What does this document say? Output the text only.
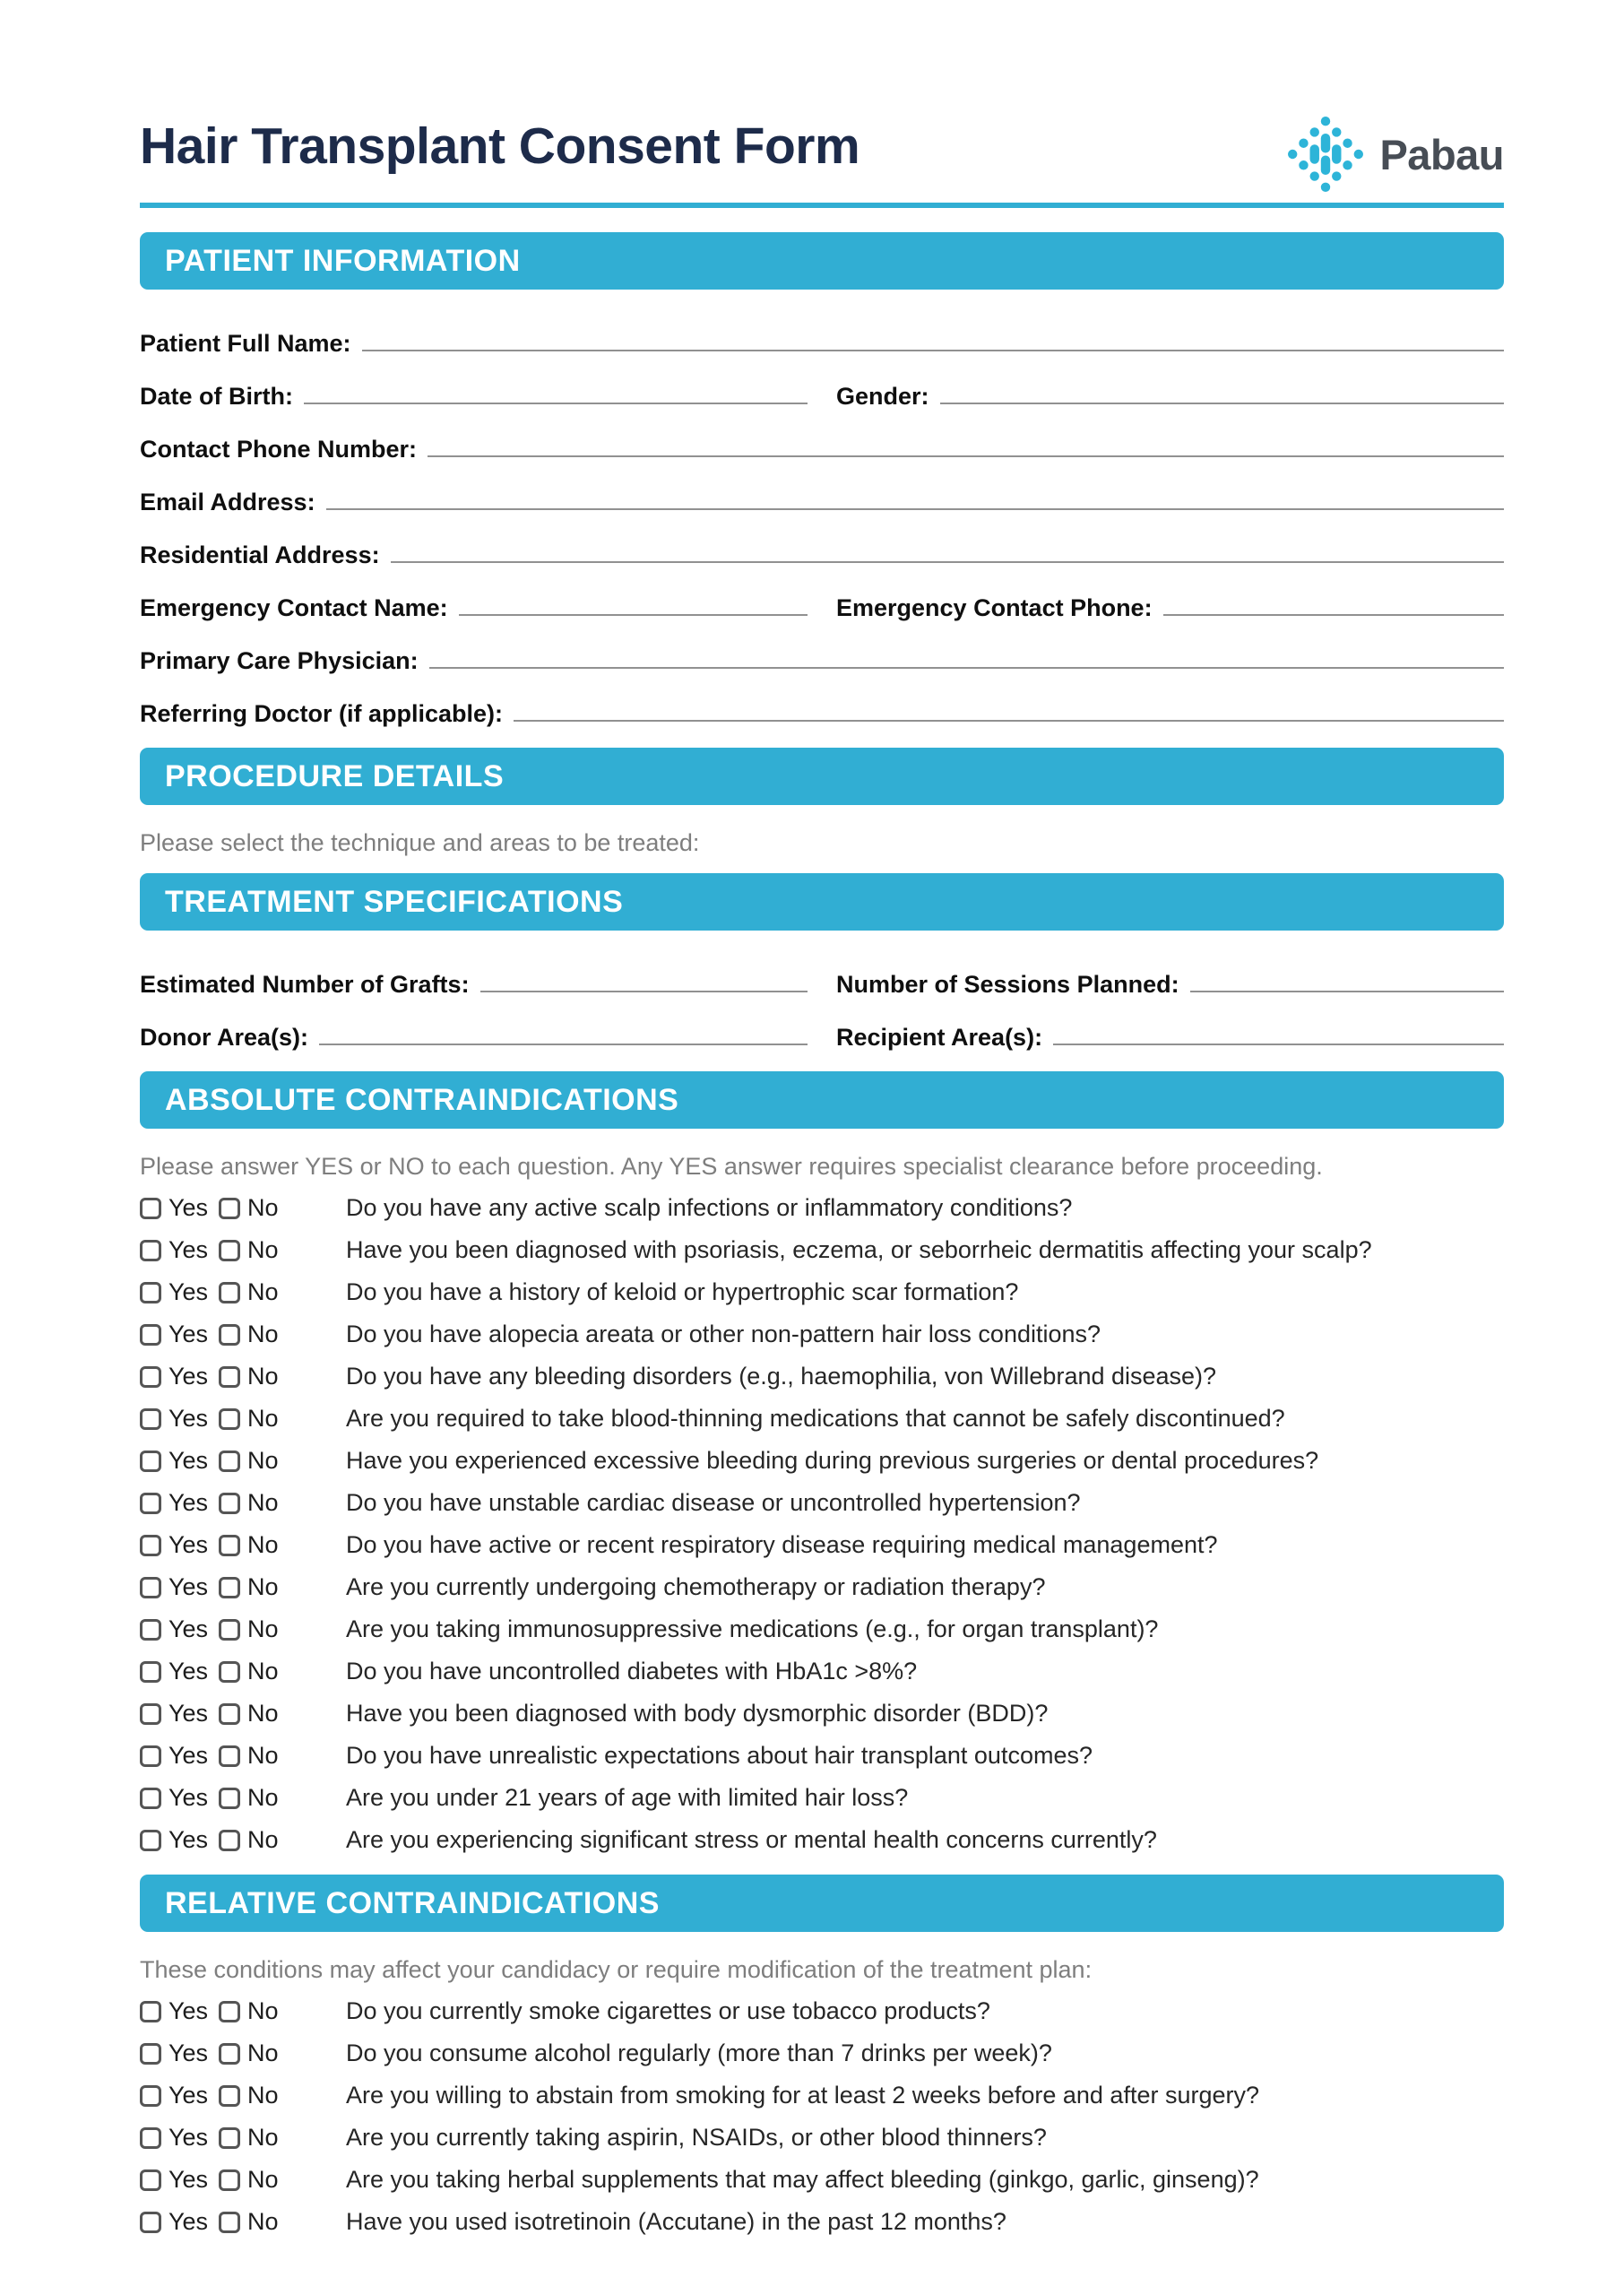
Hair Transplant Consent Form	Pabau
PATIENT INFORMATION
Patient Full Name:
Date of Birth:	Gender:
Contact Phone Number:
Email Address:
Residential Address:
Emergency Contact Name:	Emergency Contact Phone:
Primary Care Physician:
Referring Doctor (if applicable):
PROCEDURE DETAILS
Please select the technique and areas to be treated:
TREATMENT SPECIFICATIONS
Estimated Number of Grafts:	Number of Sessions Planned:
Donor Area(s):	Recipient Area(s):
ABSOLUTE CONTRAINDICATIONS
Please answer YES or NO to each question. Any YES answer requires specialist clearance before proceeding.
Yes No	Do you have any active scalp infections or inflammatory conditions?
Yes No	Have you been diagnosed with psoriasis, eczema, or seborrheic dermatitis affecting your scalp?
Yes No	Do you have a history of keloid or hypertrophic scar formation?
Yes No	Do you have alopecia areata or other non-pattern hair loss conditions?
Yes No	Do you have any bleeding disorders (e.g., haemophilia, von Willebrand disease)?
Yes No	Are you required to take blood-thinning medications that cannot be safely discontinued?
Yes No	Have you experienced excessive bleeding during previous surgeries or dental procedures?
Yes No	Do you have unstable cardiac disease or uncontrolled hypertension?
Yes No	Do you have active or recent respiratory disease requiring medical management?
Yes No	Are you currently undergoing chemotherapy or radiation therapy?
Yes No	Are you taking immunosuppressive medications (e.g., for organ transplant)?
Yes No	Do you have uncontrolled diabetes with HbA1c >8%?
Yes No	Have you been diagnosed with body dysmorphic disorder (BDD)?
Yes No	Do you have unrealistic expectations about hair transplant outcomes?
Yes No	Are you under 21 years of age with limited hair loss?
Yes No	Are you experiencing significant stress or mental health concerns currently?
RELATIVE CONTRAINDICATIONS
These conditions may affect your candidacy or require modification of the treatment plan:
Yes No	Do you currently smoke cigarettes or use tobacco products?
Yes No	Do you consume alcohol regularly (more than 7 drinks per week)?
Yes No	Are you willing to abstain from smoking for at least 2 weeks before and after surgery?
Yes No	Are you currently taking aspirin, NSAIDs, or other blood thinners?
Yes No	Are you taking herbal supplements that may affect bleeding (ginkgo, garlic, ginseng)?
Yes No	Have you used isotretinoin (Accutane) in the past 12 months?
